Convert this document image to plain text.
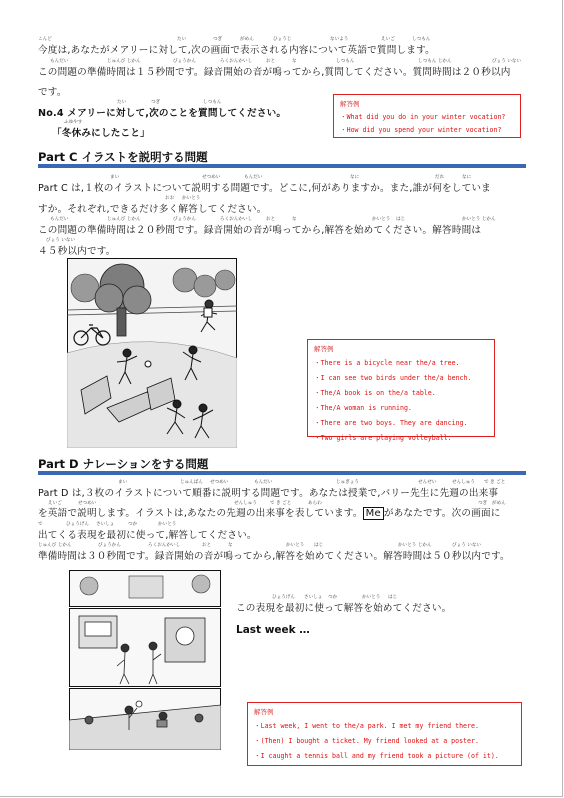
こんど	たい	つぎ	がめん	ひょうじ	ないよう	えいご	しつもん
今度は,あなたがメアリーに対して,次の画面で表示される内容について英語で質問します。
もんだい	じゅんび じかん	びょうかん	ろくおんかいし	おと	な	しつもん	しつもん じかん	びょう いない
この問題の準備時間は１５秒間です。録音開始の音が鳴ってから,質問してください。質問時間は２０秒以内
です。
たい	つぎ	しつもん
No.4 メアリーに対して,次のことを質問してください。
ふゆやす
「冬休みにしたこと」
解答例
・What did you do in your winter vocation?
・How did you spend your winter vocation?
Part C イラストを説明する問題
まい	せつめい	もんだい	なに	だれ	なに
Part C は,１枚のイラストについて説明する問題です。どこに,何がありますか。また,誰が何をしていま
おお かいとう
すか。それぞれ,できるだけ多く解答してください。
もんだい	じゅんび じかん	びょうかん	ろくおんかいし	おと	な	かいとう はじ	かいとう じかん
この問題の準備時間は２０秒間です。録音開始の音が鳴ってから,解答を始めてください。解答時間は
びょう いない
４５秒以内です。
解答例
・There is a bicycle near the/a tree.
・I can see two birds under the/a bench.
・The/A book is on the/a table.
・The/A woman is running.
・There are two boys. They are dancing.
・Two girls are playing volleyball.
Part D ナレーションをする問題
まい	じゅんばん せつめい	もんだい	じゅぎょう	せんせい	せんしゅう で き ごと
Part D は,３枚のイラストについて順番に説明する問題です。あなたは授業で,バリー先生に先週の出来事
えいご	せつめい	せんしゅう	で き ごと	あらわ	つぎ がめん
を英語で説明します。イラストは,あなたの先週の出来事を表しています。 Me があなたです。次の画面に
で	ひょうげん さいしょ	つか	かいとう
出てくる表現を最初に使って,解答してください。
じゅんび じかん	びょうかん	ろくおんかいし	おと	な	かいとう はじ	かいとう じかん	びょう いない
準備時間は３０秒間です。録音開始の音が鳴ってから,解答を始めてください。解答時間は５０秒以内です。
ひょうげん さいしょ つか	かいとう はじ
この表現を最初に使って解答を始めてください。
Last week …
解答例
・Last week, I went to the/a park. I met my friend there.
・(Then) I bought a ticket. My friend looked at a poster.
・I caught a tennis ball and my friend took a picture (of it).
